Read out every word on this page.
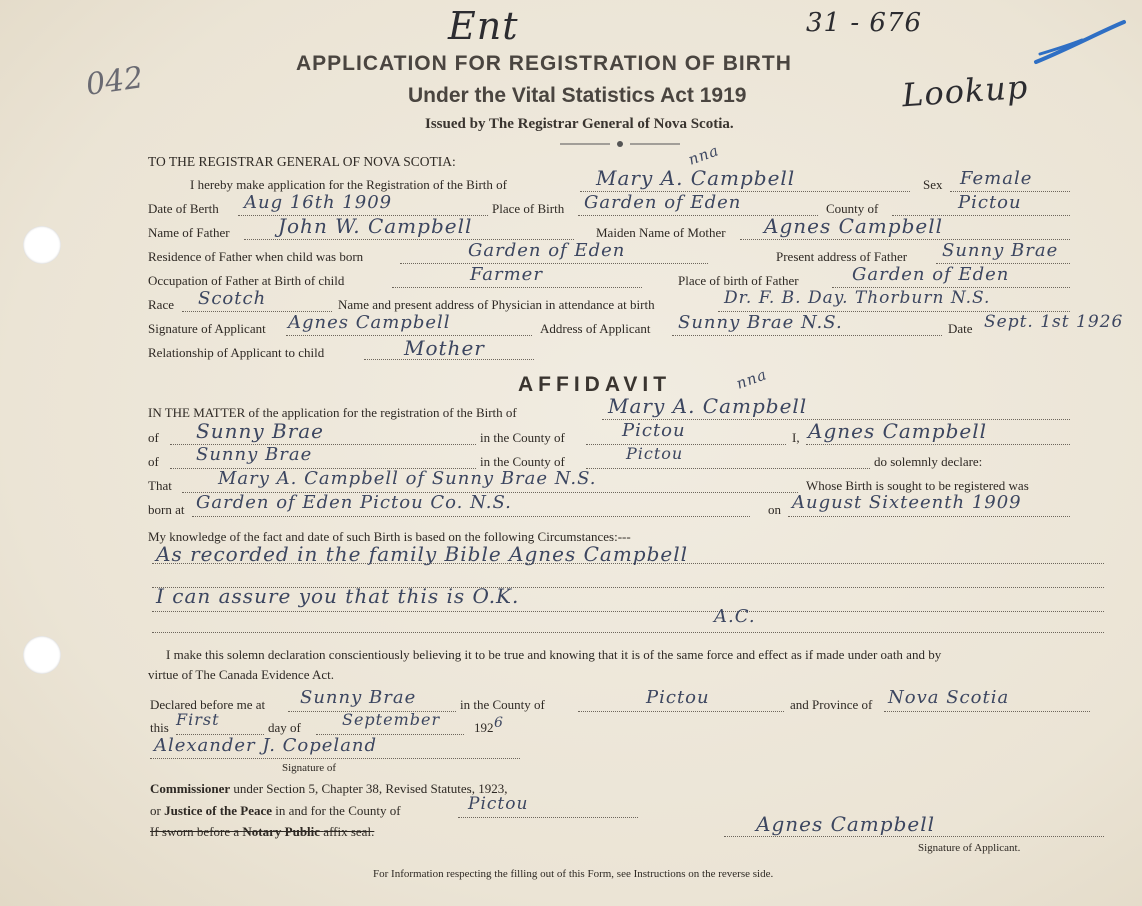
042
Ent	31 - 676
Lookup
APPLICATION FOR REGISTRATION OF BIRTH
Under the Vital Statistics Act 1919
Issued by The Registrar General of Nova Scotia.
TO THE REGISTRAR GENERAL OF NOVA SCOTIA:
I hereby make application for the Registration of the Birth of	Mary A. Campbell
nna
Sex Female
Date of Berth Aug 16th 1909	Place of Birth Garden of Eden	County of	Pictou
Name of Father John W. Campbell	Maiden Name of Mother Agnes Campbell
Residence of Father when child was born	Garden of Eden	Present address of Father Sunny Brae
Occupation of Father at Birth of child	Farmer	Place of birth of Father	Garden of Eden
Race Scotch	Name and present address of Physician in attendance at birth	Dr. F. B. Day. Thorburn N.S.
Signature of Applicant Agnes Campbell	Address of Applicant Sunny Brae N.S.	Date Sept. 1st 1926
Relationship of Applicant to child	Mother
AFFIDAVIT
IN THE MATTER of the application for the registration of the Birth of	Mary A. Campbell
nna
of Sunny Brae	in the County of	Pictou	I, Agnes Campbell
of Sunny Brae	in the County of	Pictou	do solemnly declare:
That	Mary A. Campbell of Sunny Brae N.S.	Whose Birth is sought to be registered was
born at Garden of Eden Pictou Co. N.S.	on August Sixteenth 1909
My knowledge of the fact and date of such Birth is based on the following Circumstances:---
As recorded in the family Bible Agnes Campbell
I can assure you that this is O.K.
A.C.
I make this solemn declaration conscientiously believing it to be true and knowing that it is of the same force and effect as if made under oath and by
virtue of The Canada Evidence Act.
Declared before me at Sunny Brae	in the County of	Pictou	and Province of Nova Scotia
this First	day of	September	192 6
Alexander J. Copeland
Signature of
Commissioner under Section 5, Chapter 38, Revised Statutes, 1923,
or Justice of the Peace in and for the County of	Pictou
If sworn before a Notary Public affix seal.	Agnes Campbell
Signature of Applicant.
For Information respecting the filling out of this Form, see Instructions on the reverse side.
